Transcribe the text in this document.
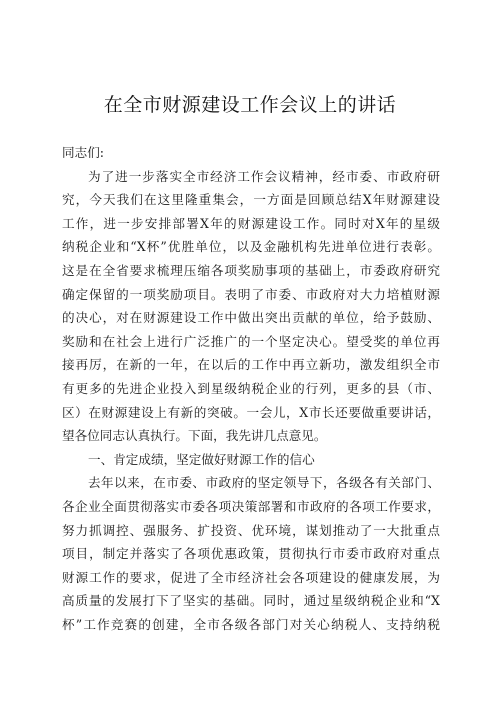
在全市财源建设工作会议上的讲话
同志们:
为了进一步落实全市经济工作会议精神，经市委、市政府研
究，今天我们在这里隆重集会，一方面是回顾总结X年财源建设
工作，进一步安排部署X年的财源建设工作。同时对X年的星级
纳税企业和“X杯”优胜单位，以及金融机构先进单位进行表彰。
这是在全省要求梳理压缩各项奖励事项的基础上，市委政府研究
确定保留的一项奖励项目。表明了市委、市政府对大力培植财源
的决心，对在财源建设工作中做出突出贡献的单位，给予鼓励、
奖励和在社会上进行广泛推广的一个坚定决心。望受奖的单位再
接再厉，在新的一年，在以后的工作中再立新功，激发组织全市
有更多的先进企业投入到星级纳税企业的行列，更多的县（市、
区）在财源建设上有新的突破。一会儿，X市长还要做重要讲话，
望各位同志认真执行。下面，我先讲几点意见。
一、肯定成绩，坚定做好财源工作的信心
去年以来，在市委、市政府的坚定领导下，各级各有关部门、
各企业全面贯彻落实市委各项决策部署和市政府的各项工作要求，
努力抓调控、强服务、扩投资、优环境，谋划推动了一大批重点
项目，制定并落实了各项优惠政策，贯彻执行市委市政府对重点
财源工作的要求，促进了全市经济社会各项建设的健康发展，为
高质量的发展打下了坚实的基础。同时，通过星级纳税企业和“X
杯”工作竞赛的创建，全市各级各部门对关心纳税人、支持纳税
